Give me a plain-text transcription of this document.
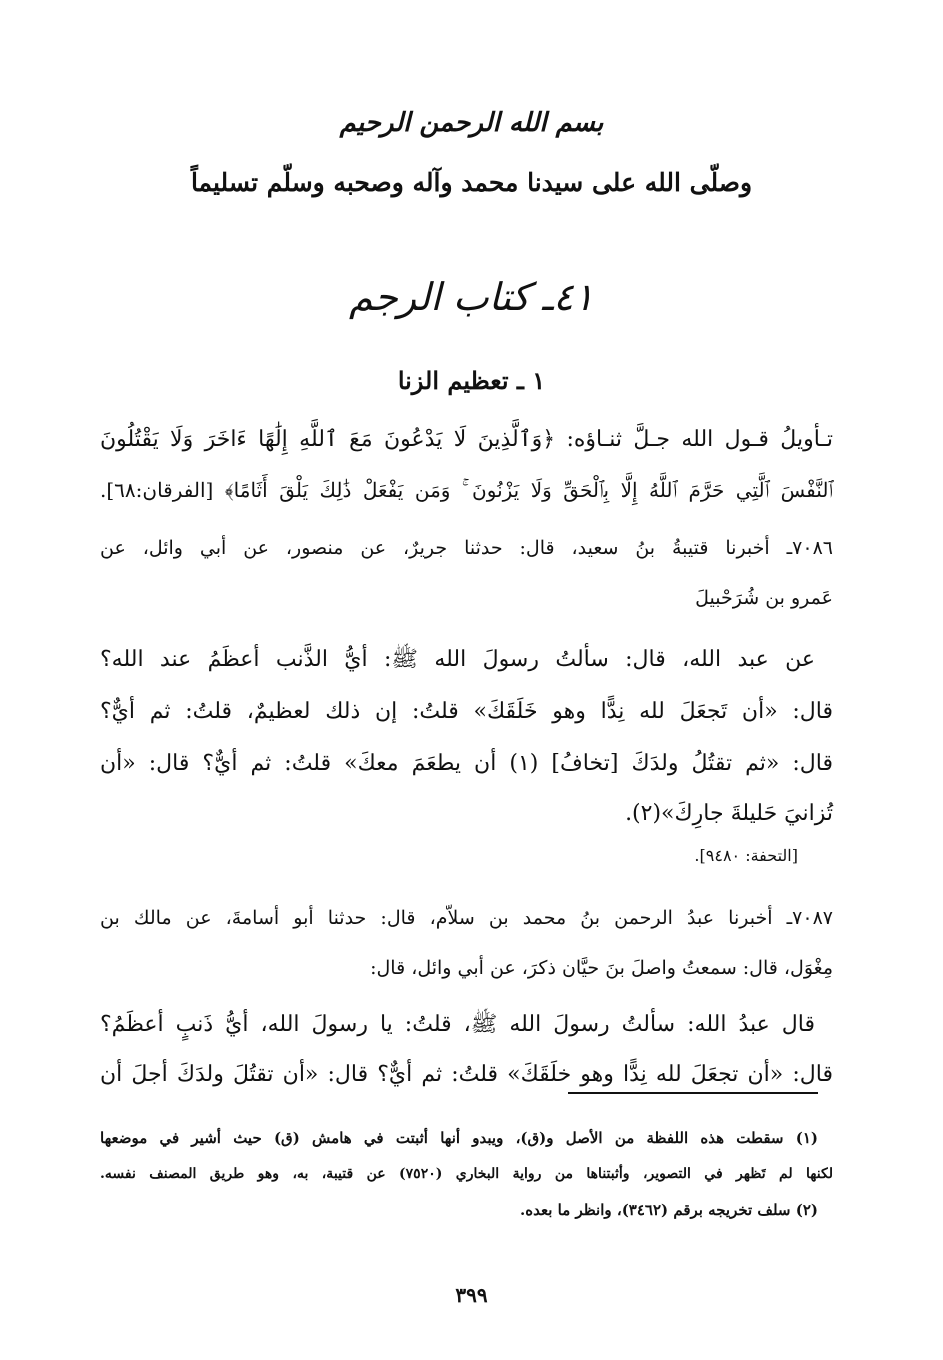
بسم الله الرحمن الرحيم
وصلّى الله على سيدنا محمد وآله وصحبه وسلّم تسليماً
٤١ـ كتاب الرجم
١ ـ تعظيم الزنا
تـأويلُ قـول الله جـلَّ ثنـاؤه: ﴿وَٱلَّذِينَ لَا يَدْعُونَ مَعَ ٱللَّهِ إِلَٰهًا ءَاخَرَ وَلَا يَقْتُلُونَ
ٱلنَّفْسَ ٱلَّتِي حَرَّمَ ٱللَّهُ إِلَّا بِٱلْحَقِّ وَلَا يَزْنُونَ ۚ وَمَن يَفْعَلْ ذَٰلِكَ يَلْقَ أَثَامًا﴾ [الفرقان:٦٨].
٧٠٨٦ـ أخبرنا قتيبةُ بنُ سعيد، قال: حدثنا جريرٌ، عن منصور، عن أبي وائل، عن
عَمرو بن شُرَحْبيلَ
عن عبد الله، قال: سألتُ رسولَ الله ﷺ: أيُّ الذَّنب أعظَمُ عند الله؟
قال: «أن تَجعَلَ لله نِدًّا وهو خَلَقَكَ» قلتُ: إن ذلك لعظيمٌ، قلتُ: ثم أيٌّ؟
قال: «ثم تقتُلُ ولدَكَ [تخافُ] (١) أن يطعَمَ معكَ» قلتُ: ثم أيٌّ؟ قال: «أن
تُزانيَ حَليلةَ جارِكَ»(٢).
[التحفة: ٩٤٨٠].
٧٠٨٧ـ أخبرنا عبدُ الرحمن بنُ محمد بن سلاّم، قال: حدثنا أبو أسامةَ، عن مالك بن
مِغْوَل، قال: سمعتُ واصلَ بنَ حيَّان ذكرَ، عن أبي وائل، قال:
قال عبدُ الله: سألتُ رسولَ الله ﷺ، قلتُ: يا رسولَ الله، أيُّ ذَنبٍ أعظَمُ؟
قال: «أن تجعَلَ لله نِدًّا وهو خلَقَكَ» قلتُ: ثم أيٌّ؟ قال: «أن تقتُلَ ولدَكَ أجلَ أن
(١) سقطت هذه اللفظة من الأصل و(ق)، ويبدو أنها أثبتت في هامش (ق) حيث أشير في موضعها
لكنها لم تَظهر في التصوير، وأثبتناها من رواية البخاري (٧٥٢٠) عن قتيبة، به، وهو طريق المصنف نفسه.
(٢) سلف تخريجه برقم (٣٤٦٢)، وانظر ما بعده.
٣٩٩
